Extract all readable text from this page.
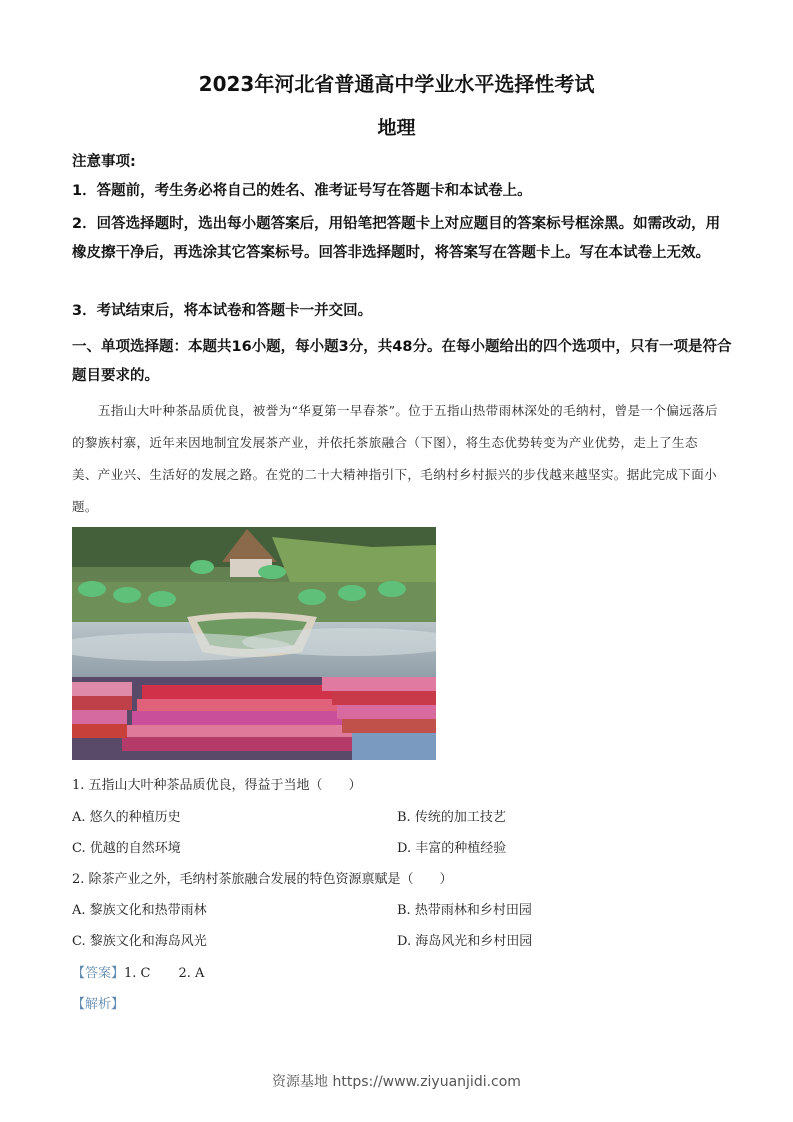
2023年河北省普通高中学业水平选择性考试
地理
注意事项:
1．答题前，考生务必将自己的姓名、准考证号写在答题卡和本试卷上。
2．回答选择题时，选出每小题答案后，用铅笔把答题卡上对应题目的答案标号框涂黑。如需改动，用橡皮擦干净后，再选涂其它答案标号。回答非选择题时，将答案写在答题卡上。写在本试卷上无效。
3．考试结束后，将本试卷和答题卡一并交回。
一、单项选择题：本题共16小题，每小题3分，共48分。在每小题给出的四个选项中，只有一项是符合题目要求的。
五指山大叶种茶品质优良，被誉为“华夏第一早春茶”。位于五指山热带雨林深处的毛纳村，曾是一个偏远落后的黎族村寨，近年来因地制宜发展茶产业，并依托茶旅融合（下图），将生态优势转变为产业优势，走上了生态美、产业兴、生活好的发展之路。在党的二十大精神指引下，毛纳村乡村振兴的步伐越来越坚实。据此完成下面小题。
1. 五指山大叶种茶品质优良，得益于当地（　　）
A. 悠久的种植历史	B. 传统的加工技艺
C. 优越的自然环境	D. 丰富的种植经验
2. 除茶产业之外，毛纳村茶旅融合发展的特色资源禀赋是（　　）
A. 黎族文化和热带雨林	B. 热带雨林和乡村田园
C. 黎族文化和海岛风光	D. 海岛风光和乡村田园
【答案】1. C 2. A
【解析】
资源基地 https://www.ziyuanjidi.com
